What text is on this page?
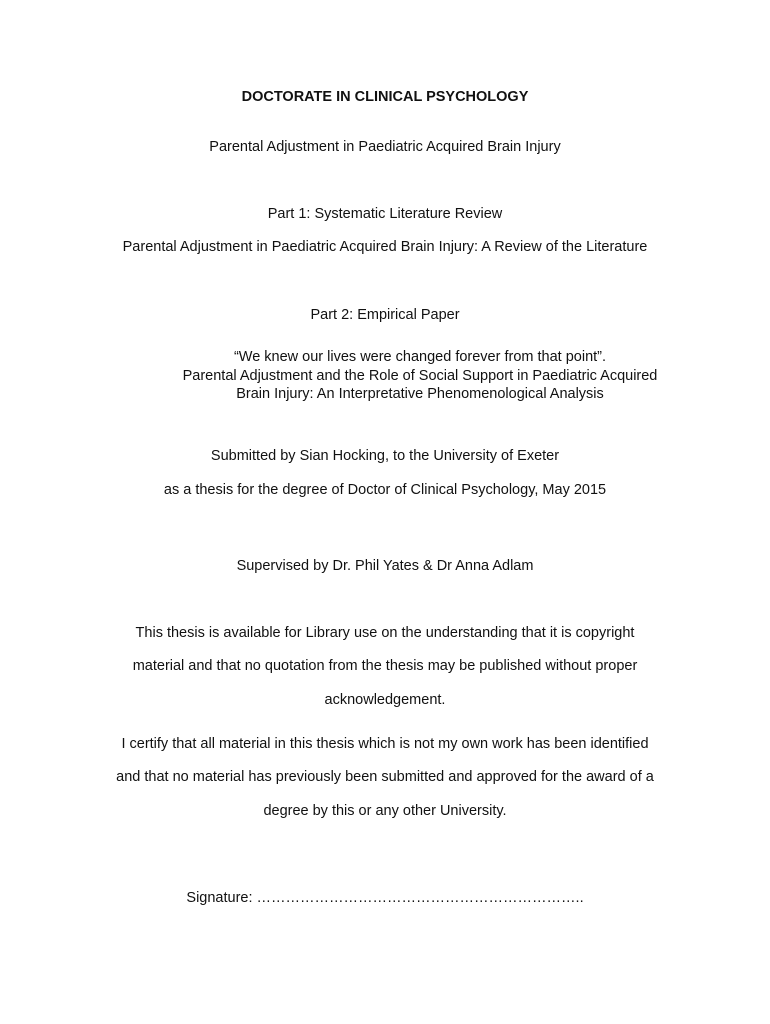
DOCTORATE IN CLINICAL PSYCHOLOGY
Parental Adjustment in Paediatric Acquired Brain Injury
Part 1: Systematic Literature Review
Parental Adjustment in Paediatric Acquired Brain Injury: A Review of the Literature
Part 2: Empirical Paper
“We knew our lives were changed forever from that point”.
Parental Adjustment and the Role of Social Support in Paediatric Acquired
Brain Injury: An Interpretative Phenomenological Analysis
Submitted by Sian Hocking, to the University of Exeter
as a thesis for the degree of Doctor of Clinical Psychology, May 2015
Supervised by Dr. Phil Yates & Dr Anna Adlam
This thesis is available for Library use on the understanding that it is copyright
material and that no quotation from the thesis may be published without proper
acknowledgement.
I certify that all material in this thesis which is not my own work has been identified
and that no material has previously been submitted and approved for the award of a
degree by this or any other University.
Signature: …………………………………………………………..
